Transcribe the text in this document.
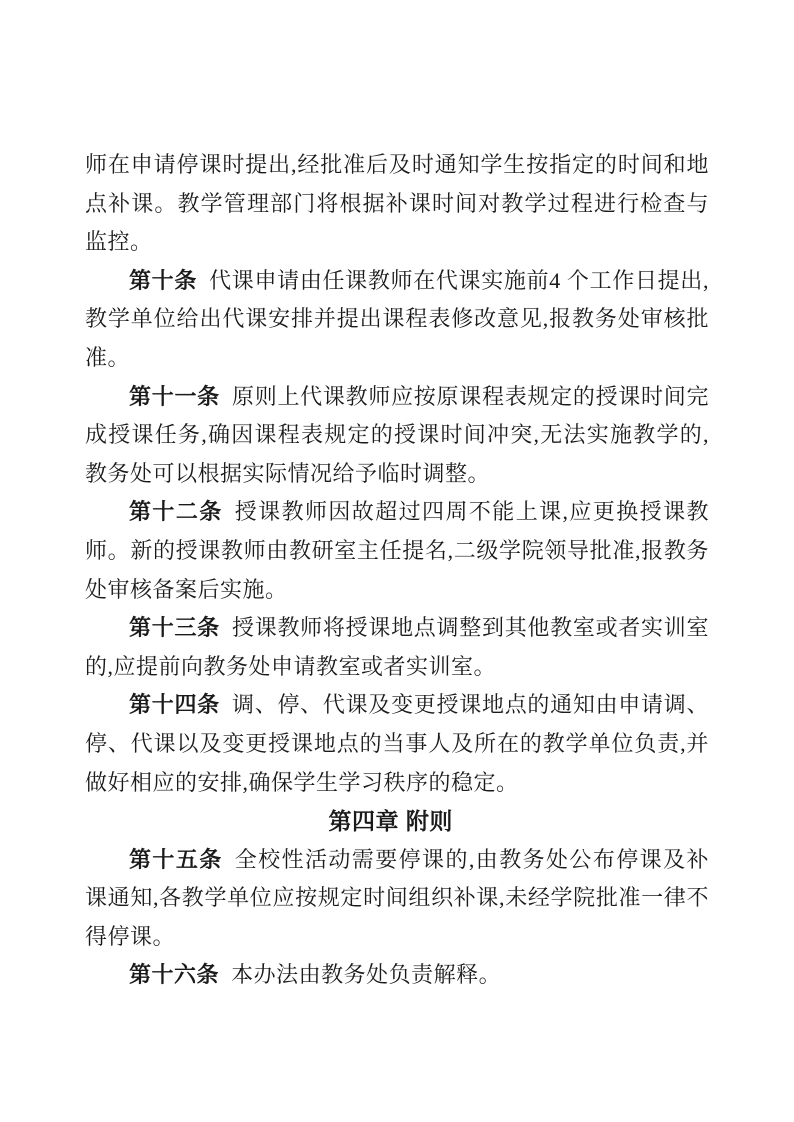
师在申请停课时提出,经批准后及时通知学生按指定的时间和地点补课。教学管理部门将根据补课时间对教学过程进行检查与监控。

第十条 代课申请由任课教师在代课实施前4 个工作日提出,教学单位给出代课安排并提出课程表修改意见,报教务处审核批准。

第十一条 原则上代课教师应按原课程表规定的授课时间完成授课任务,确因课程表规定的授课时间冲突,无法实施教学的,教务处可以根据实际情况给予临时调整。

第十二条 授课教师因故超过四周不能上课,应更换授课教师。新的授课教师由教研室主任提名,二级学院领导批准,报教务处审核备案后实施。

第十三条 授课教师将授课地点调整到其他教室或者实训室的,应提前向教务处申请教室或者实训室。

第十四条 调、停、代课及变更授课地点的通知由申请调、停、代课以及变更授课地点的当事人及所在的教学单位负责,并做好相应的安排,确保学生学习秩序的稳定。

第四章 附则

第十五条 全校性活动需要停课的,由教务处公布停课及补课通知,各教学单位应按规定时间组织补课,未经学院批准一律不得停课。

第十六条 本办法由教务处负责解释。
